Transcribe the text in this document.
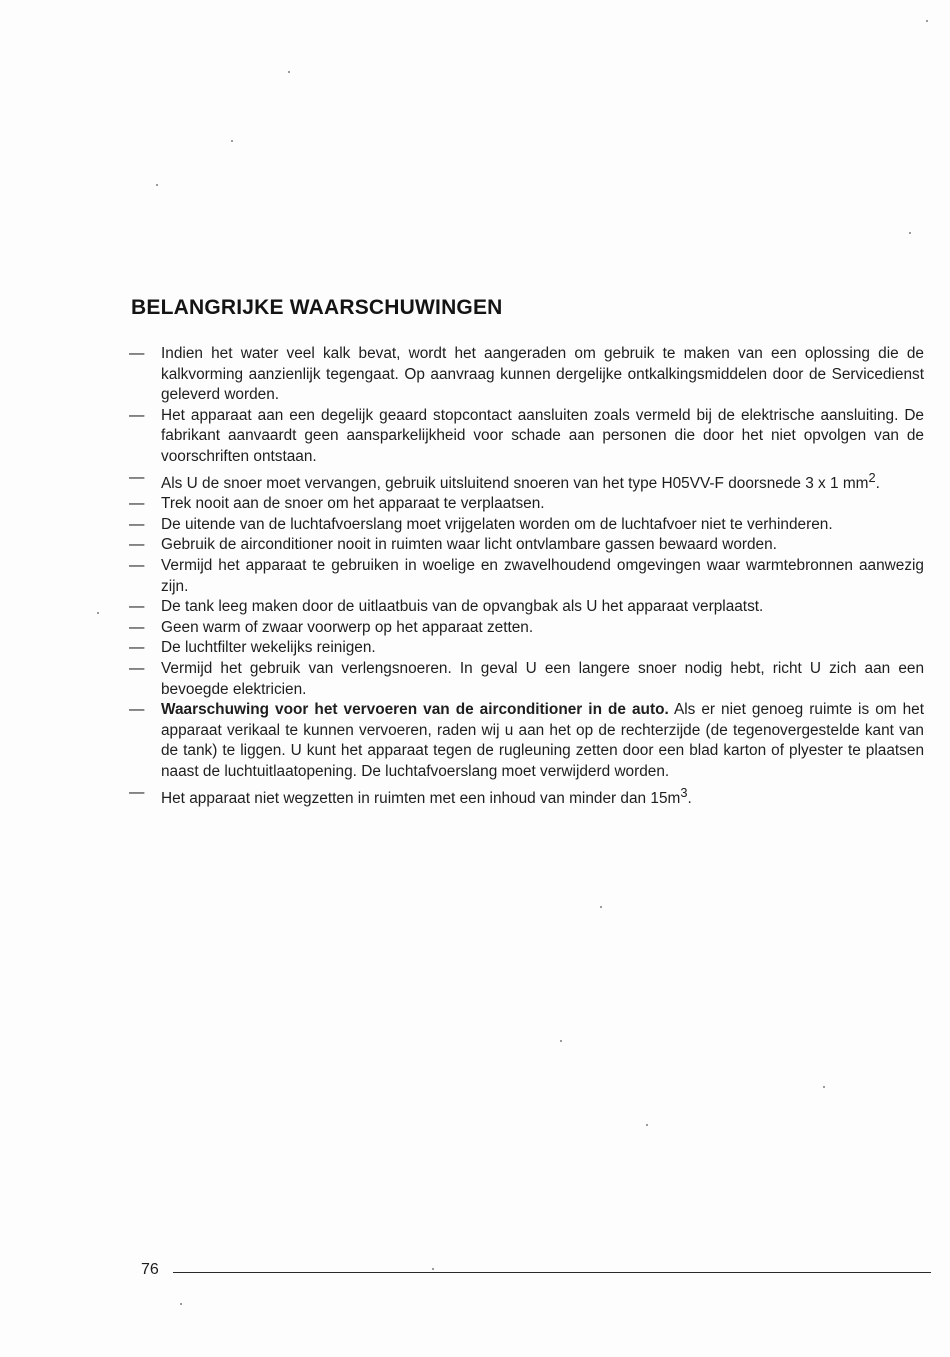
BELANGRIJKE WAARSCHUWINGEN
—	Indien het water veel kalk bevat, wordt het aangeraden om gebruik te maken van een oplossing die de kalkvorming aanzienlijk tegengaat. Op aanvraag kunnen dergelijke ontkalkingsmiddelen door de Servicedienst geleverd worden.
—	Het apparaat aan een degelijk geaard stopcontact aansluiten zoals vermeld bij de elektrische aansluiting. De fabrikant aanvaardt geen aansparkelijkheid voor schade aan personen die door het niet opvolgen van de voorschriften ontstaan.
—	Als U de snoer moet vervangen, gebruik uitsluitend snoeren van het type H05VV-F doorsnede 3 x 1 $mm^2$.
—	Trek nooit aan de snoer om het apparaat te verplaatsen.
—	De uitende van de luchtafvoerslang moet vrijgelaten worden om de luchtafvoer niet te verhinderen.
—	Gebruik de airconditioner nooit in ruimten waar licht ontvlambare gassen bewaard worden.
—	Vermijd het apparaat te gebruiken in woelige en zwavelhoudend omgevingen waar warmtebronnen aanwezig zijn.
—	De tank leeg maken door de uitlaatbuis van de opvangbak als U het apparaat verplaatst.
—	Geen warm of zwaar voorwerp op het apparaat zetten.
—	De luchtfilter wekelijks reinigen.
—	Vermijd het gebruik van verlengsnoeren. In geval U een langere snoer nodig hebt, richt U zich aan een bevoegde elektricien.
—	Waarschuwing voor het vervoeren van de airconditioner in de auto. Als er niet genoeg ruimte is om het apparaat verikaal te kunnen vervoeren, raden wij u aan het op de rechterzijde (de tegenovergestelde kant van de tank) te liggen. U kunt het apparaat tegen de rugleuning zetten door een blad karton of plyester te plaatsen naast de luchtuitlaatopening. De luchtafvoerslang moet verwijderd worden.
—	Het apparaat niet wegzetten in ruimten met een inhoud van minder dan $15m^3$.
76
